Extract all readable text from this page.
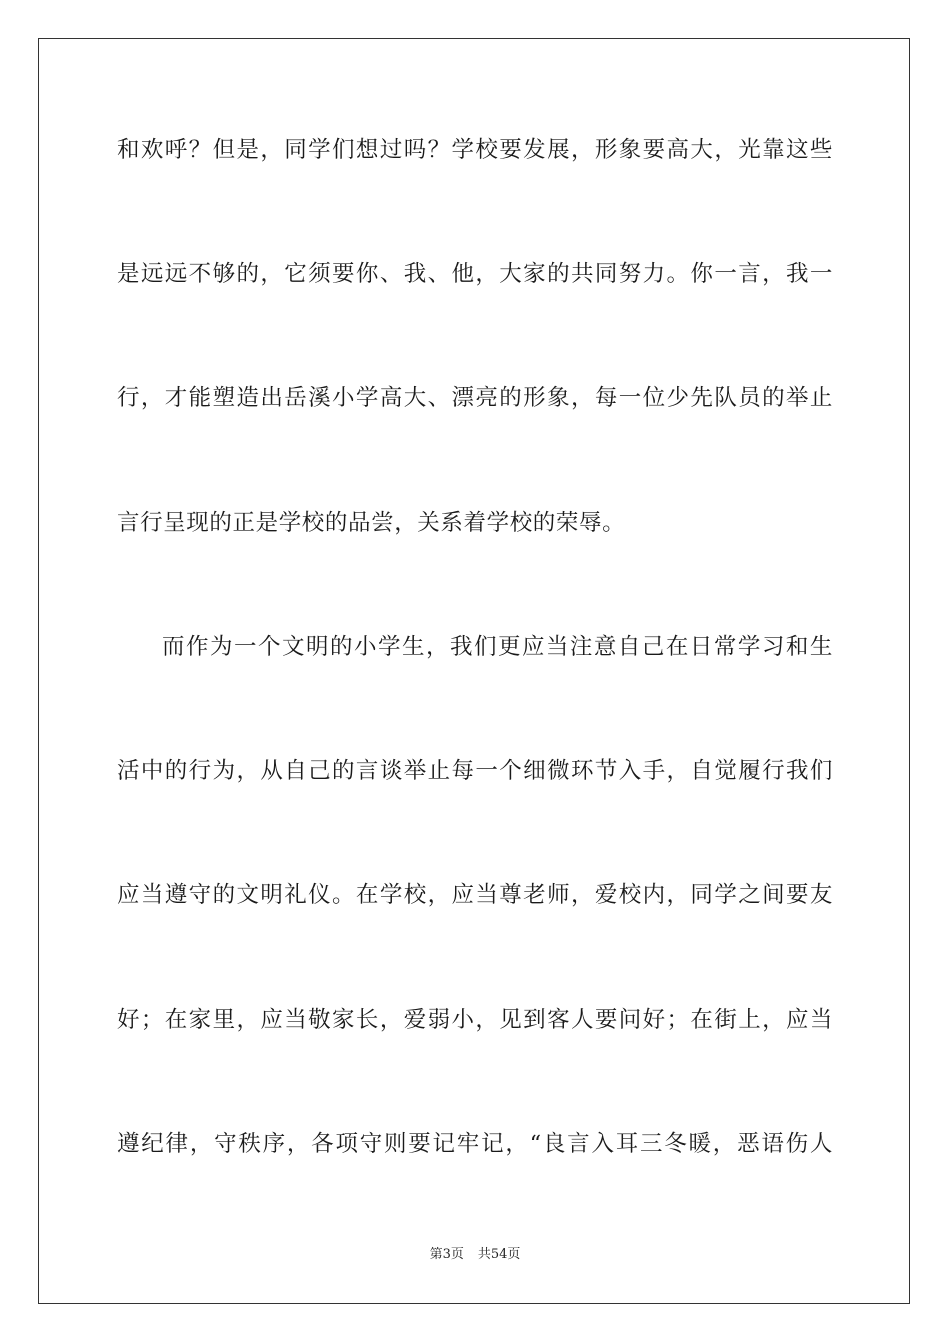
和欢呼？但是，同学们想过吗？学校要发展，形象要高大，光靠这些
是远远不够的，它须要你、我、他，大家的共同努力。你一言，我一
行，才能塑造出岳溪小学高大、漂亮的形象，每一位少先队员的举止
言行呈现的正是学校的品尝，关系着学校的荣辱。
而作为一个文明的小学生，我们更应当注意自己在日常学习和生
活中的行为，从自己的言谈举止每一个细微环节入手，自觉履行我们
应当遵守的文明礼仪。在学校，应当尊老师，爱校内，同学之间要友
好；在家里，应当敬家长，爱弱小，见到客人要问好；在街上，应当
遵纪律，守秩序，各项守则要记牢记，“良言入耳三冬暖，恶语伤人
第3页 共54页
